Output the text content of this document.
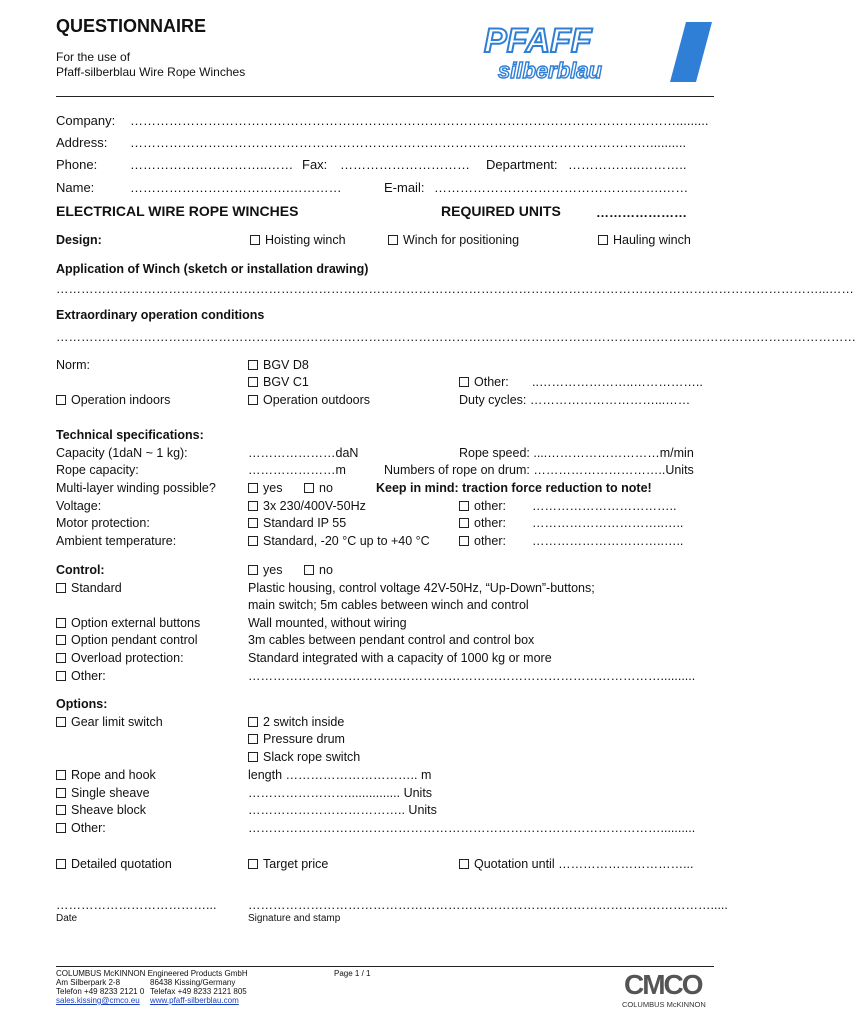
QUESTIONNAIRE
For the use of
Pfaff-silberblau Wire Rope Winches
PFAFF
silberblau
Company: ……………………………………………………………………………………………………………….........
Address: …………………………………………………………………………………………………………..........
Phone:	…………………………..…… Fax: ………………………… Department: ……………..………..
Name:	……………………………….…………	E-mail: ……………………………………….…….……
ELECTRICAL WIRE ROPE WINCHES	REQUIRED UNITS	…………………
Design:	Hoisting winch	Winch for positioning	Hauling winch
Application of Winch (sketch or installation drawing)
…………………………………………………………………………………………………………………………………………………………………...……
Extraordinary operation conditions
…………………………………………………………………………………………………………………………………………………………………………
Norm:	BGV D8
BGV C1	Other: ..…………………..……………..
Operation indoors	Operation outdoors	Duty cycles: …………………………...……
Technical specifications:
Capacity (1daN ~ 1 kg):	…………………daN	Rope speed: ....………………………m/min
Rope capacity:	…………………m	Numbers of rope on drum: …………………………..Units
Multi-layer winding possible?	yes	no	Keep in mind: traction force reduction to note!
Voltage:	3x 230/400V-50Hz	other: ……………………………..
Motor protection:	Standard IP 55	other: …………………………..…..
Ambient temperature:	Standard, -20 °C up to +40 °C	other: …………………………..…..
Control:	yes	no
Standard	Plastic housing, control voltage 42V-50Hz, “Up-Down”-buttons;
main switch; 5m cables between winch and control
Option external buttons	Wall mounted, without wiring
Option pendant control	3m cables between pendant control and control box
Overload protection:	Standard integrated with a capacity of 1000 kg or more
Other:	………………………………………………………………………………………..........
Options:
Gear limit switch	2 switch inside
Pressure drum
Slack rope switch
Rope and hook	length ………………………….. m
Single sheave	……………………............... Units
Sheave block	……………………………….. Units
Other:	………………………………………………………………………………………..........
Detailed quotation	Target price	Quotation until …………………………...
………………………………...
Date
………………………………………………………………………………………………….....
Signature and stamp
COLUMBUS McKINNON Engineered Products GmbH
Am Silberpark 2-8	86438 Kissing/Germany
Telefon +49 8233 2121 0 Telefax +49 8233 2121 805
sales.kissing@cmco.eu www.pfaff-silberblau.com
Page 1 / 1	CMCO
COLUMBUS McKINNON
